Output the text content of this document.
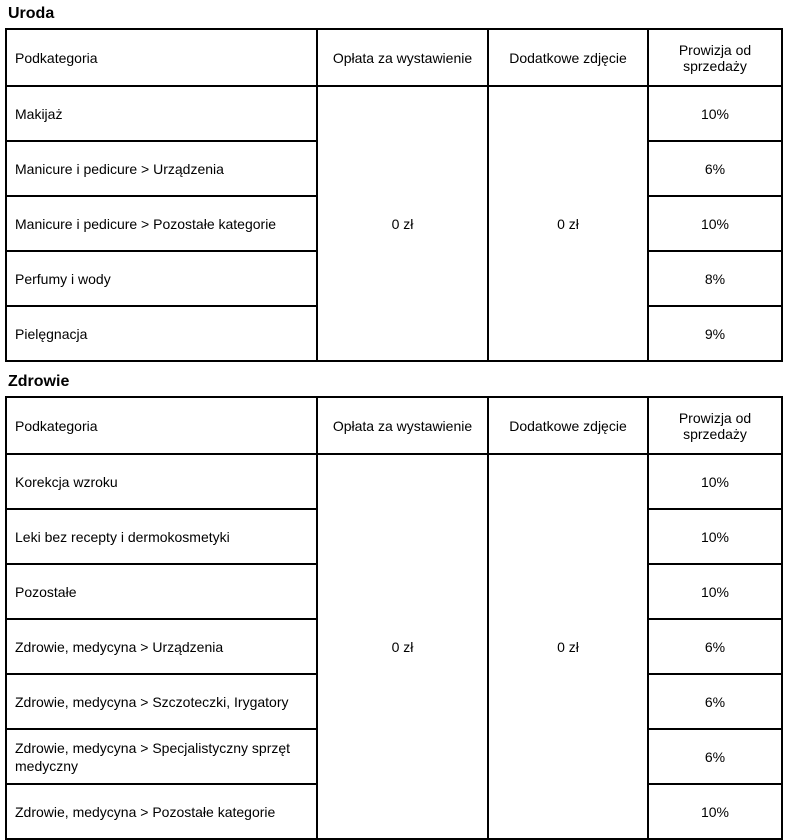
Uroda
Podkategoria	Opłata za wystawienie	Dodatkowe zdjęcie	Prowizja od sprzedaży
Makijaż	0 zł	0 zł	10%
Manicure i pedicure > Urządzenia			6%
Manicure i pedicure > Pozostałe kategorie			10%
Perfumy i wody			8%
Pielęgnacja			9%
Zdrowie
Podkategoria	Opłata za wystawienie	Dodatkowe zdjęcie	Prowizja od sprzedaży
Korekcja wzroku	0 zł	0 zł	10%
Leki bez recepty i dermokosmetyki			10%
Pozostałe			10%
Zdrowie, medycyna > Urządzenia			6%
Zdrowie, medycyna > Szczoteczki, Irygatory			6%
Zdrowie, medycyna > Specjalistyczny sprzęt medyczny			6%
Zdrowie, medycyna > Pozostałe kategorie			10%
